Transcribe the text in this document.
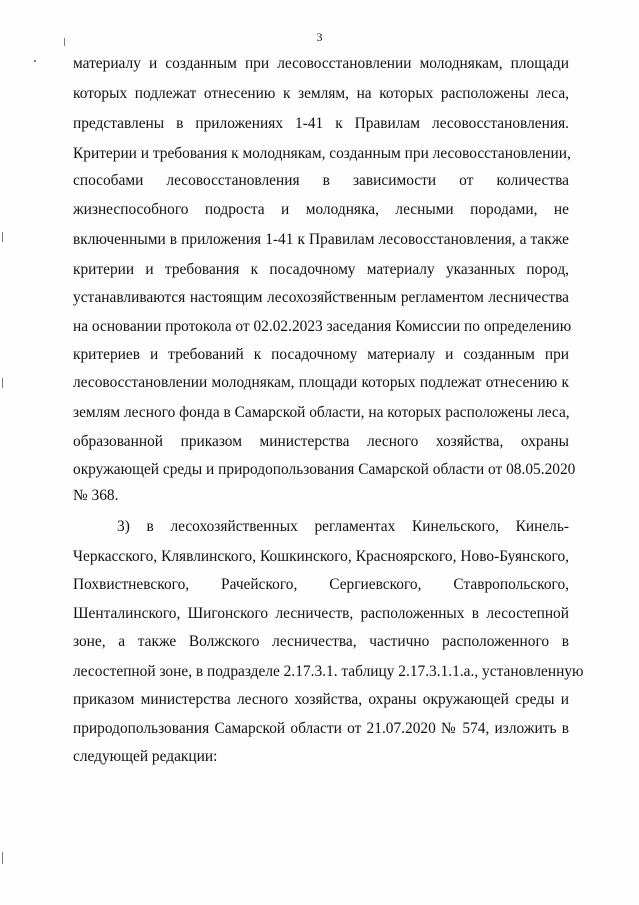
3
материалу и созданным при лесовосстановлении молоднякам, площади
которых подлежат отнесению к землям, на которых расположены леса,
представлены в приложениях 1-41 к Правилам лесовосстановления.
Критерии и требования к молоднякам, созданным при лесовосстановлении,
способами лесовосстановления в зависимости от количества
жизнеспособного подроста и молодняка, лесными породами, не
включенными в приложения 1-41 к Правилам лесовосстановления, а также
критерии и требования к посадочному материалу указанных пород,
устанавливаются настоящим лесохозяйственным регламентом лесничества
на основании протокола от 02.02.2023 заседания Комиссии по определению
критериев и требований к посадочному материалу и созданным при
лесовосстановлении молоднякам, площади которых подлежат отнесению к
землям лесного фонда в Самарской области, на которых расположены леса,
образованной приказом министерства лесного хозяйства, охраны
окружающей среды и природопользования Самарской области от 08.05.2020
№ 368.
3) в лесохозяйственных регламентах Кинельского, Кинель-
Черкасского, Клявлинского, Кошкинского, Красноярского, Ново-Буянского,
Похвистневского, Рачейского, Сергиевского, Ставропольского,
Шенталинского, Шигонского лесничеств, расположенных в лесостепной
зоне, а также Волжского лесничества, частично расположенного в
лесостепной зоне, в подразделе 2.17.3.1. таблицу 2.17.3.1.1.а., установленную
приказом министерства лесного хозяйства, охраны окружающей среды и
природопользования Самарской области от 21.07.2020 № 574, изложить в
следующей редакции:
